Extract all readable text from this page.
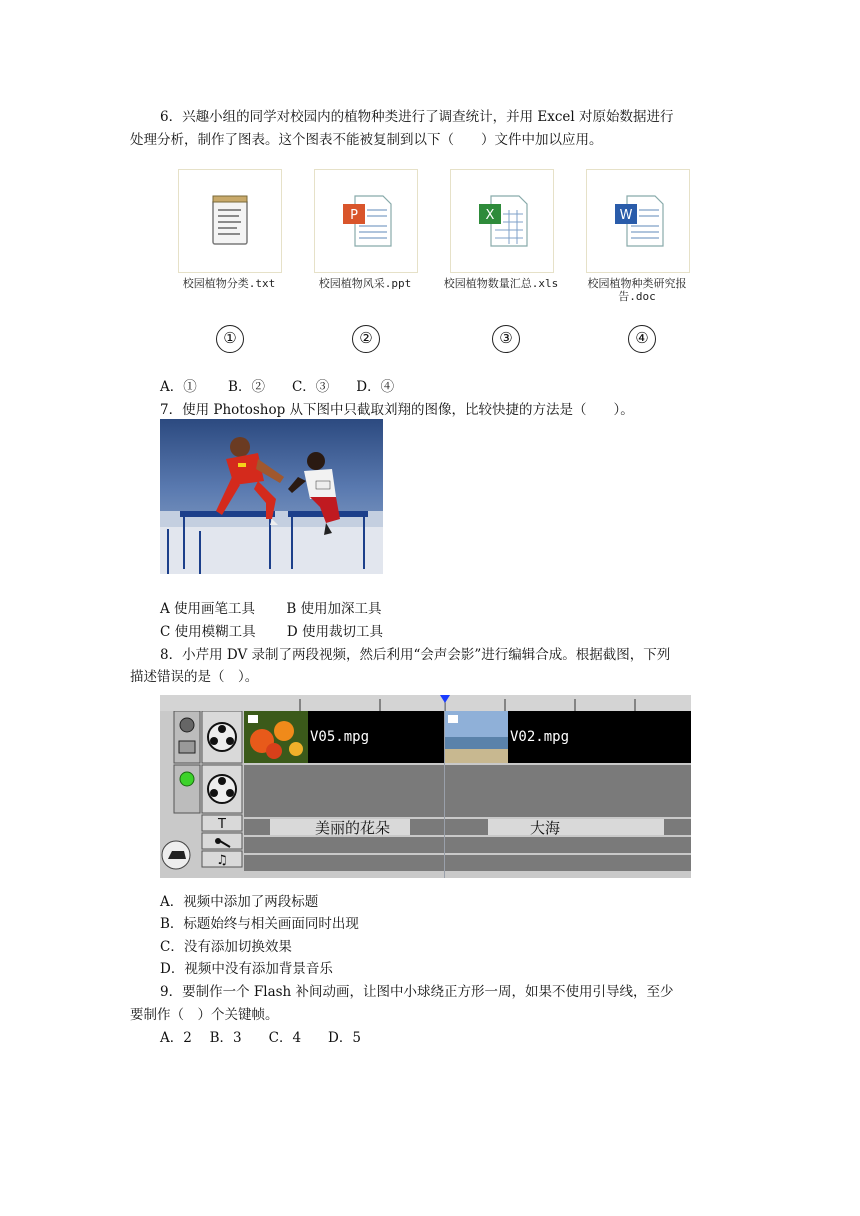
6．兴趣小组的同学对校园内的植物种类进行了调查统计，并用 Excel 对原始数据进行
处理分析，制作了图表。这个图表不能被复制到以下（　　）文件中加以应用。
P	X	W
校园植物分类.txt	校园植物风采.ppt	校园植物数量汇总.xls	校园植物种类研究报告.doc
①	②	③	④
A．①　　 B．②　　C．③　　D．④
7．使用 Photoshop 从下图中只截取刘翔的图像，比较快捷的方法是（　　）。
A 使用画笔工具　　 B 使用加深工具
C 使用模糊工具　　 D 使用裁切工具
8．小芹用 DV 录制了两段视频，然后利用“会声会影”进行编辑合成。根据截图，下列
描述错误的是（　）。
T
♫
V05.mpg	V02.mpg
美丽的花朵	大海
A．视频中添加了两段标题
B．标题始终与相关画面同时出现
C．没有添加切换效果
D．视频中没有添加背景音乐
9．要制作一个 Flash 补间动画，让图中小球绕正方形一周，如果不使用引导线，至少
要制作（　）个关键帧。
A．2　 B．3　　C．4　　D．5
